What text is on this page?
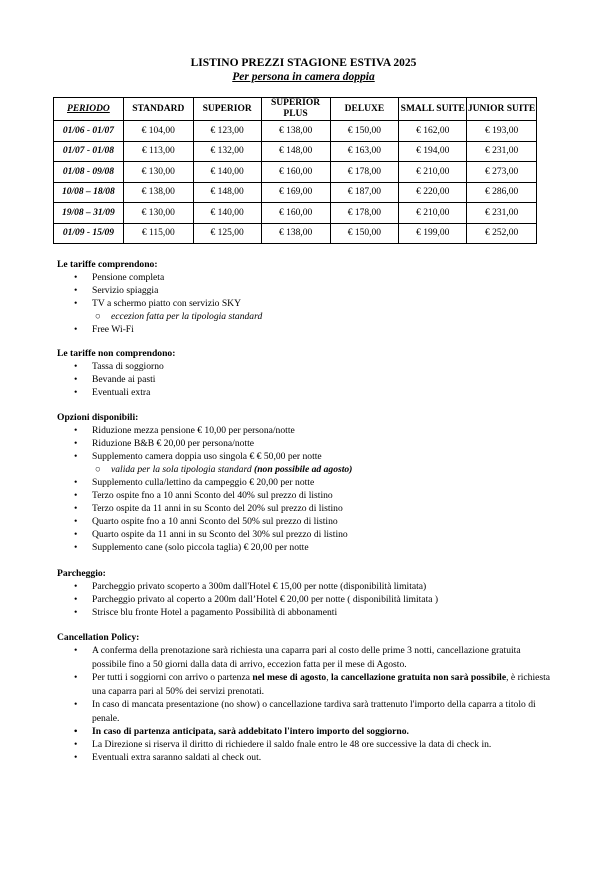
LISTINO PREZZI STAGIONE ESTIVA 2025
Per persona in camera doppia
PERIODO	STANDARD	SUPERIOR	SUPERIOR PLUS	DELUXE	SMALL SUITE	JUNIOR SUITE
01/06 - 01/07	€ 104,00	€ 123,00	€ 138,00	€ 150,00	€ 162,00	€ 193,00
01/07 - 01/08	€ 113,00	€ 132,00	€ 148,00	€ 163,00	€ 194,00	€ 231,00
01/08 - 09/08	€ 130,00	€ 140,00	€ 160,00	€ 178,00	€ 210,00	€ 273,00
10/08 – 18/08	€ 138,00	€ 148,00	€ 169,00	€ 187,00	€ 220,00	€ 286,00
19/08 – 31/09	€ 130,00	€ 140,00	€ 160,00	€ 178,00	€ 210,00	€ 231,00
01/09 - 15/09	€ 115,00	€ 125,00	€ 138,00	€ 150,00	€ 199,00	€ 252,00
Le tariffe comprendono:
• Pensione completa
• Servizio spiaggia
• TV a schermo piatto con servizio SKY
○ eccezion fatta per la tipologia standard
• Free Wi-Fi
Le tariffe non comprendono:
• Tassa di soggiorno
• Bevande ai pasti
• Eventuali extra
Opzioni disponibili:
• Riduzione mezza pensione € 10,00 per persona/notte
• Riduzione B&B € 20,00 per persona/notte
• Supplemento camera doppia uso singola € € 50,00 per notte
○ valida per la sola tipologia standard (non possibile ad agosto)
• Supplemento culla/lettino da campeggio € 20,00 per notte
• Terzo ospite fno a 10 anni Sconto del 40% sul prezzo di listino
• Terzo ospite da 11 anni in su Sconto del 20% sul prezzo di listino
• Quarto ospite fno a 10 anni Sconto del 50% sul prezzo di listino
• Quarto ospite da 11 anni in su Sconto del 30% sul prezzo di listino
• Supplemento cane (solo piccola taglia) € 20,00 per notte
Parcheggio:
• Parcheggio privato scoperto a 300m dall'Hotel € 15,00 per notte (disponibilità limitata)
• Parcheggio privato al coperto a 200m dall’Hotel € 20,00 per notte ( disponibilità limitata )
• Strisce blu fronte Hotel a pagamento Possibilità di abbonamenti
Cancellation Policy:
• A conferma della prenotazione sarà richiesta una caparra pari al costo delle prime 3 notti, cancellazione gratuita possibile fino a 50 giorni dalla data di arrivo, eccezion fatta per il mese di Agosto.
• Per tutti i soggiorni con arrivo o partenza nel mese di agosto, la cancellazione gratuita non sarà possibile, è richiesta una caparra pari al 50% dei servizi prenotati.
• In caso di mancata presentazione (no show) o cancellazione tardiva sarà trattenuto l'importo della caparra a titolo di penale.
• In caso di partenza anticipata, sarà addebitato l'intero importo del soggiorno.
• La Direzione si riserva il diritto di richiedere il saldo fnale entro le 48 ore successive la data di check in.
• Eventuali extra saranno saldati al check out.
